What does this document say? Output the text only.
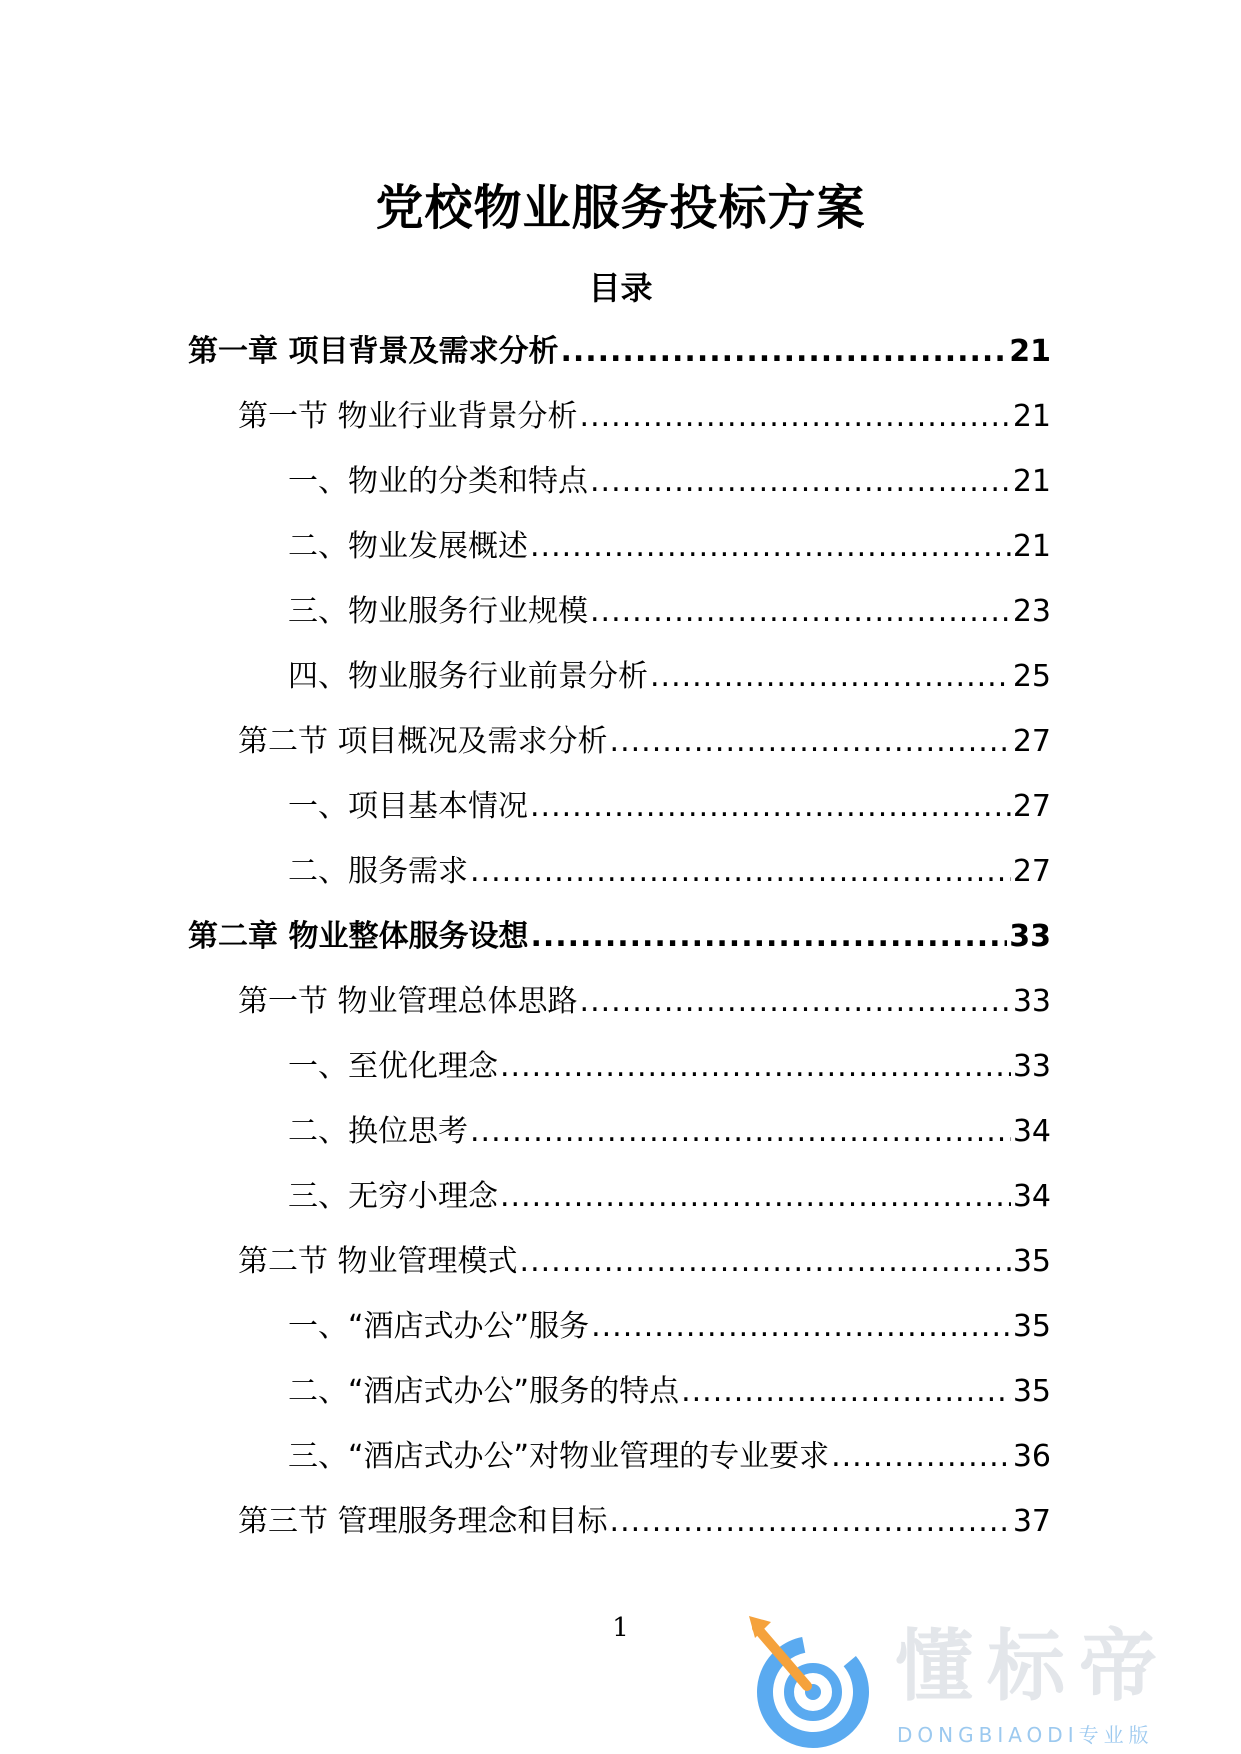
党校物业服务投标方案
目录
第一章 项目背景及需求分析 .....	21
第一节 物业行业背景分析 .....	21
一、物业的分类和特点 .....	21
二、物业发展概述 .....	21
三、物业服务行业规模 .....	23
四、物业服务行业前景分析 .....	25
第二节 项目概况及需求分析 .....	27
一、项目基本情况 .....	27
二、服务需求 .....	27
第二章 物业整体服务设想 .....	33
第一节 物业管理总体思路 .....	33
一、至优化理念 .....	33
二、换位思考 .....	34
三、无穷小理念 .....	34
第二节 物业管理模式 .....	35
一、“酒店式办公”服务 .....	35
二、“酒店式办公”服务的特点 .....	35
三、“酒店式办公”对物业管理的专业要求 .....	36
第三节 管理服务理念和目标 .....	37
1	懂标帝
DONGBIAODI专业版
